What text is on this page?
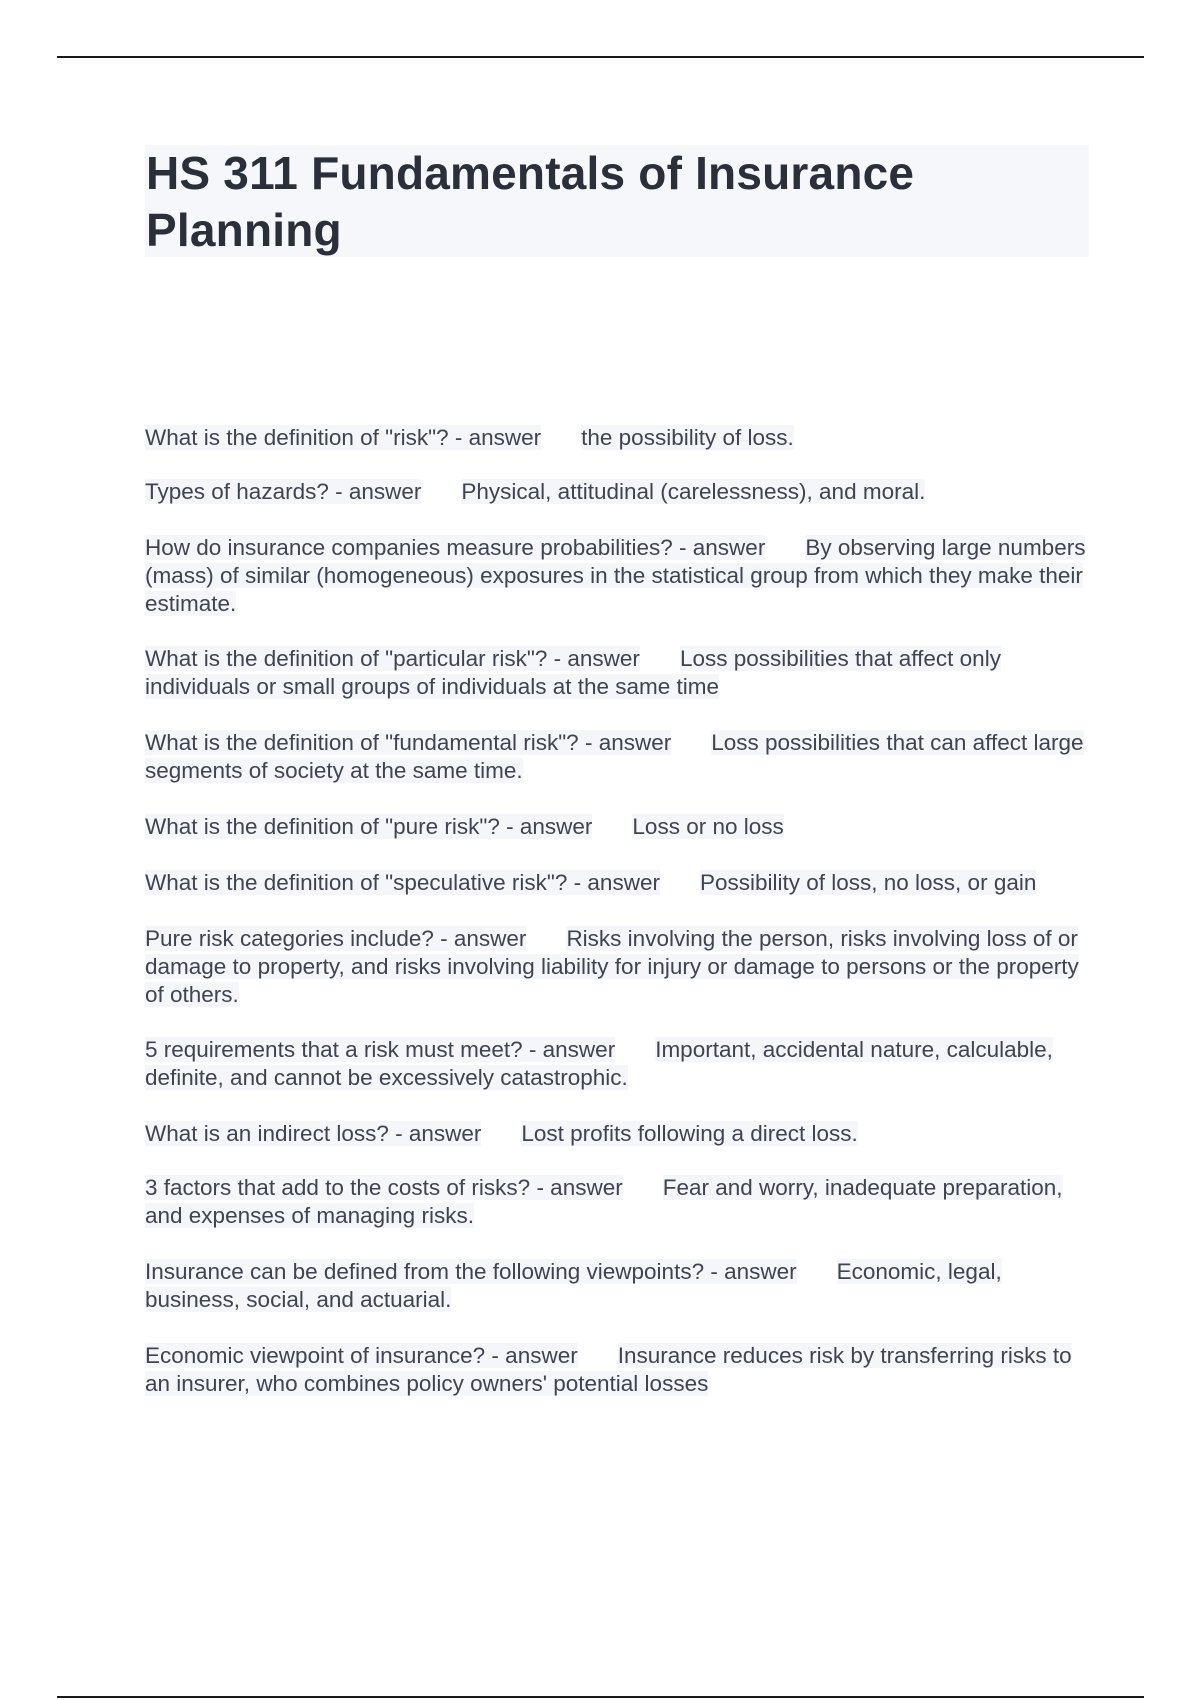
HS 311 Fundamentals of Insurance Planning

What is the definition of "risk"? - answer the possibility of loss.

Types of hazards? - answer Physical, attitudinal (carelessness), and moral.

How do insurance companies measure probabilities? - answer By observing large numbers (mass) of similar (homogeneous) exposures in the statistical group from which they make their estimate.

What is the definition of "particular risk"? - answer Loss possibilities that affect only individuals or small groups of individuals at the same time

What is the definition of "fundamental risk"? - answer Loss possibilities that can affect large segments of society at the same time.

What is the definition of "pure risk"? - answer Loss or no loss

What is the definition of "speculative risk"? - answer Possibility of loss, no loss, or gain

Pure risk categories include? - answer Risks involving the person, risks involving loss of or damage to property, and risks involving liability for injury or damage to persons or the property of others.

5 requirements that a risk must meet? - answer Important, accidental nature, calculable, definite, and cannot be excessively catastrophic.

What is an indirect loss? - answer Lost profits following a direct loss.

3 factors that add to the costs of risks? - answer Fear and worry, inadequate preparation, and expenses of managing risks.

Insurance can be defined from the following viewpoints? - answer Economic, legal, business, social, and actuarial.

Economic viewpoint of insurance? - answer Insurance reduces risk by transferring risks to an insurer, who combines policy owners' potential losses
